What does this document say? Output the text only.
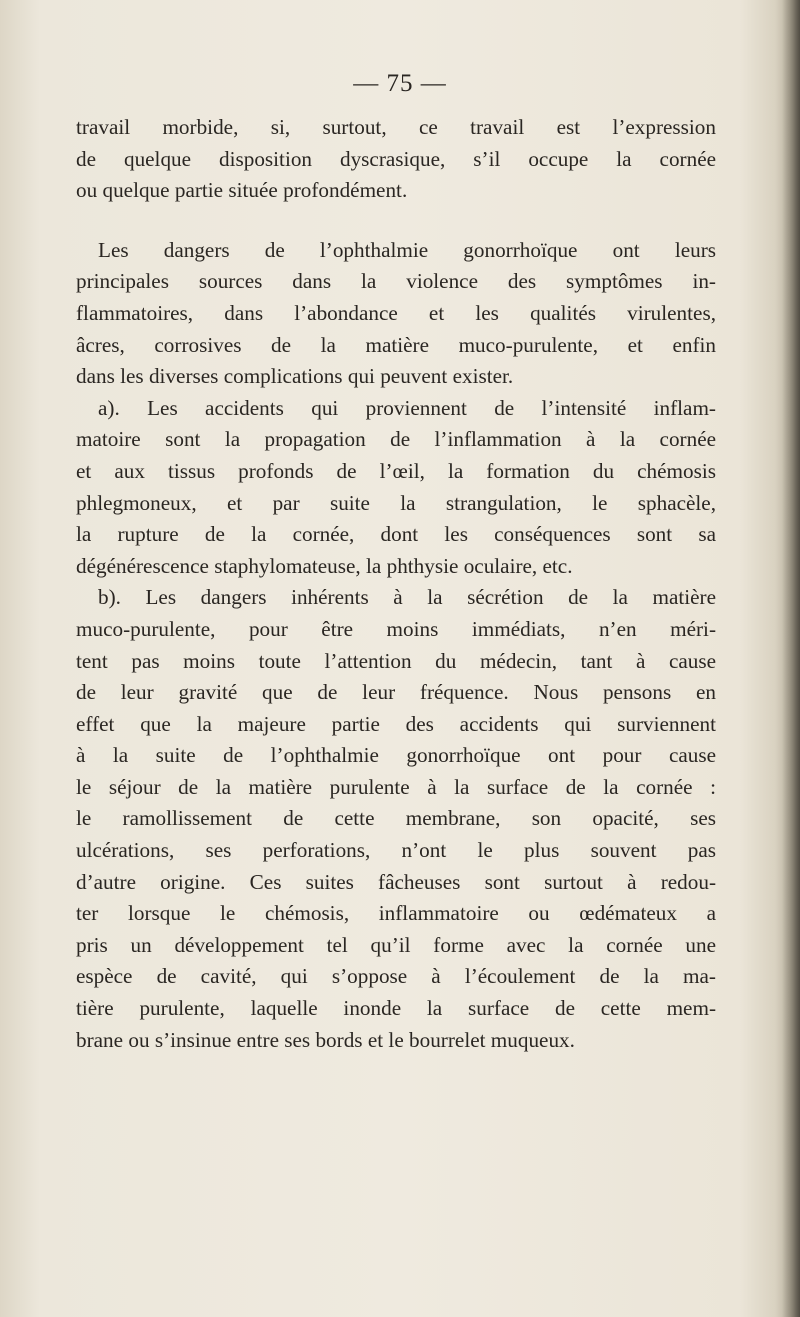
— 75 —
travail morbide, si, surtout, ce travail est l’expression
de quelque disposition dyscrasique, s’il occupe la cornée
ou quelque partie située profondément.
Les dangers de l’ophthalmie gonorrhoïque ont leurs
principales sources dans la violence des symptômes in-
flammatoires, dans l’abondance et les qualités virulentes,
âcres, corrosives de la matière muco-purulente, et enfin
dans les diverses complications qui peuvent exister.
a). Les accidents qui proviennent de l’intensité inflam-
matoire sont la propagation de l’inflammation à la cornée
et aux tissus profonds de l’œil, la formation du chémosis
phlegmoneux, et par suite la strangulation, le sphacèle,
la rupture de la cornée, dont les conséquences sont sa
dégénérescence staphylomateuse, la phthysie oculaire, etc.
b). Les dangers inhérents à la sécrétion de la matière
muco-purulente, pour être moins immédiats, n’en méri-
tent pas moins toute l’attention du médecin, tant à cause
de leur gravité que de leur fréquence. Nous pensons en
effet que la majeure partie des accidents qui surviennent
à la suite de l’ophthalmie gonorrhoïque ont pour cause
le séjour de la matière purulente à la surface de la cornée :
le ramollissement de cette membrane, son opacité, ses
ulcérations, ses perforations, n’ont le plus souvent pas
d’autre origine. Ces suites fâcheuses sont surtout à redou-
ter lorsque le chémosis, inflammatoire ou œdémateux a
pris un développement tel qu’il forme avec la cornée une
espèce de cavité, qui s’oppose à l’écoulement de la ma-
tière purulente, laquelle inonde la surface de cette mem-
brane ou s’insinue entre ses bords et le bourrelet muqueux.
